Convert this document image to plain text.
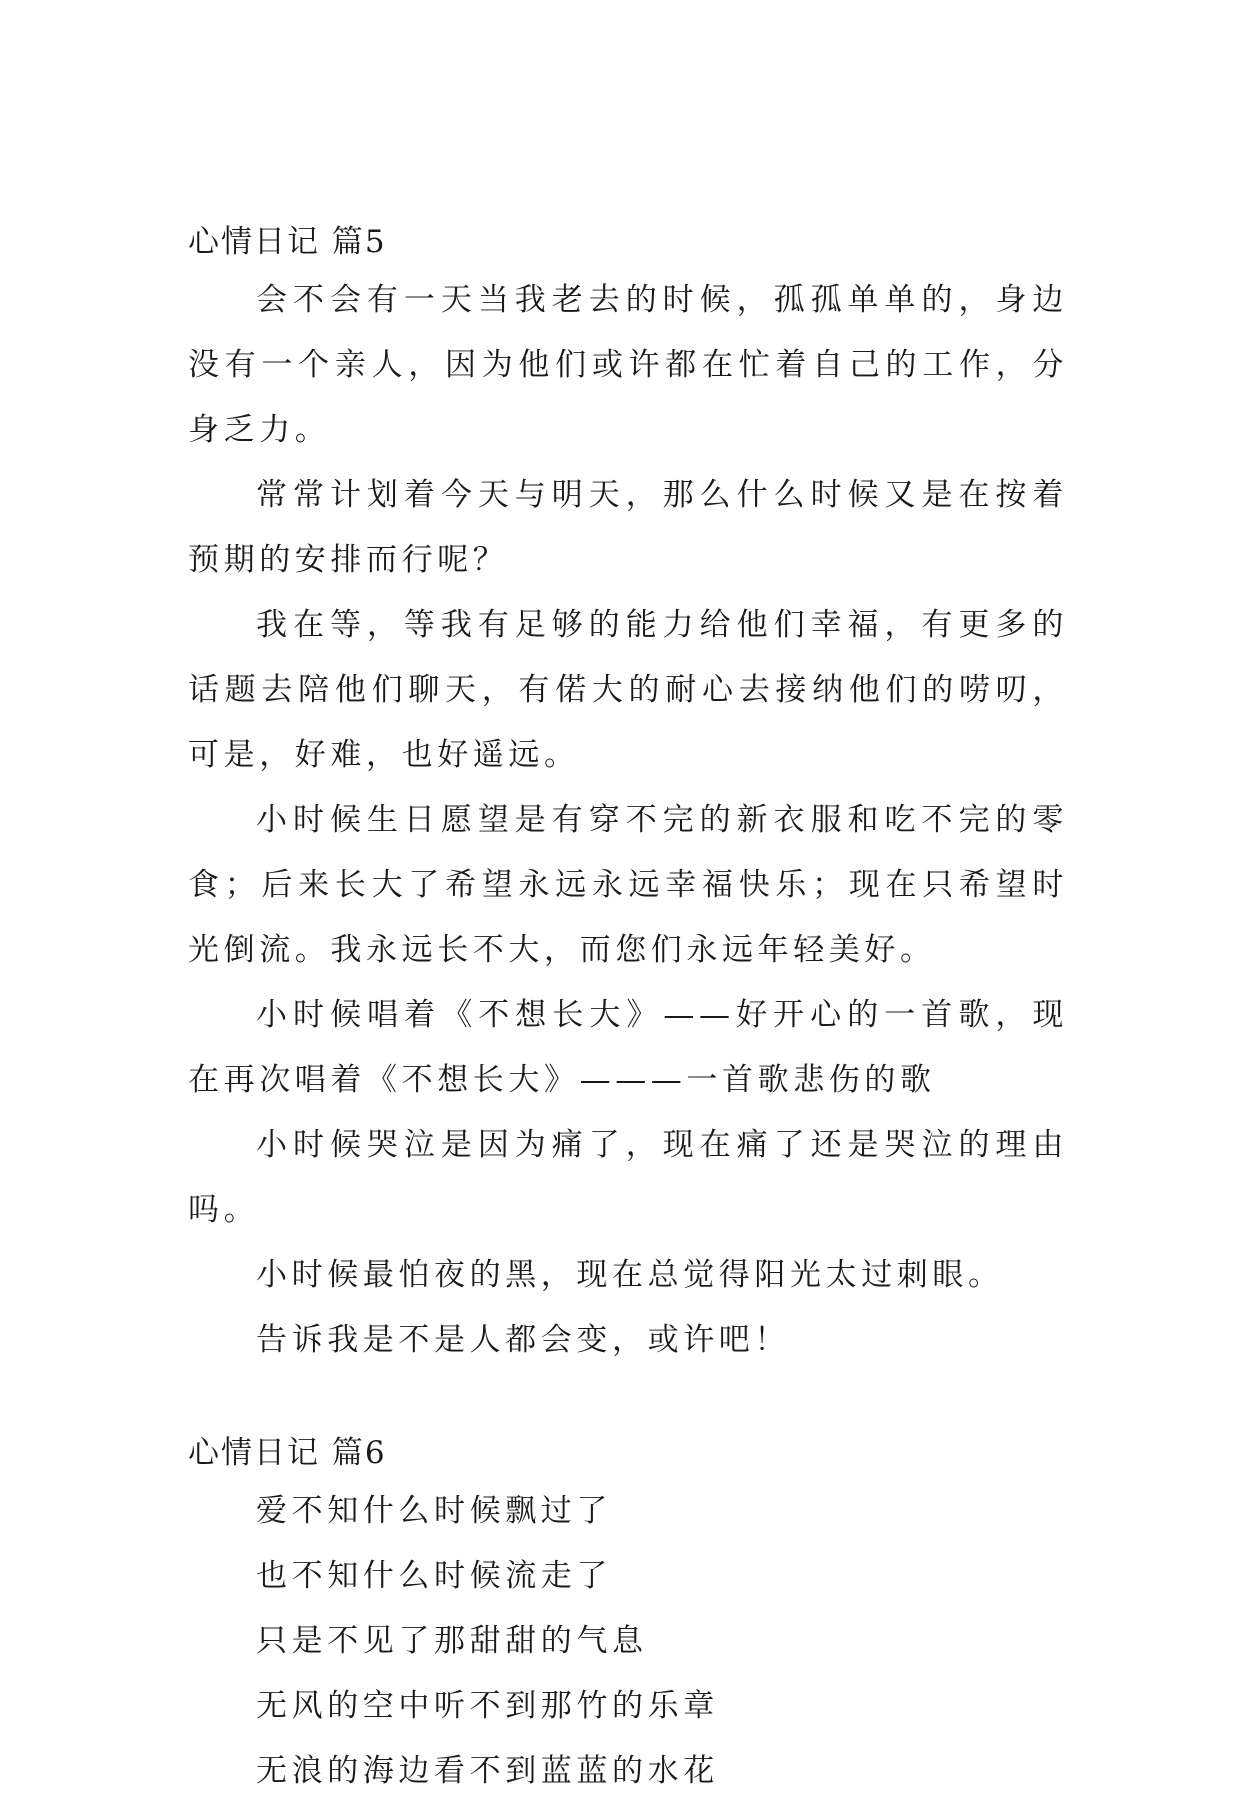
心情日记 篇5

会不会有一天当我老去的时候，孤孤单单的，身边没有一个亲人，因为他们或许都在忙着自己的工作，分身乏力。

常常计划着今天与明天，那么什么时候又是在按着预期的安排而行呢？

我在等，等我有足够的能力给他们幸福，有更多的话题去陪他们聊天，有偌大的耐心去接纳他们的唠叨，可是，好难，也好遥远。

小时候生日愿望是有穿不完的新衣服和吃不完的零食；后来长大了希望永远永远幸福快乐；现在只希望时光倒流。我永远长不大，而您们永远年轻美好。

小时候唱着《不想长大》——好开心的一首歌，现在再次唱着《不想长大》———一首歌悲伤的歌

小时候哭泣是因为痛了，现在痛了还是哭泣的理由吗。

小时候最怕夜的黑，现在总觉得阳光太过刺眼。

告诉我是不是人都会变，或许吧！

心情日记 篇6

爱不知什么时候飘过了

也不知什么时候流走了

只是不见了那甜甜的气息

无风的空中听不到那竹的乐章

无浪的海边看不到蓝蓝的水花
